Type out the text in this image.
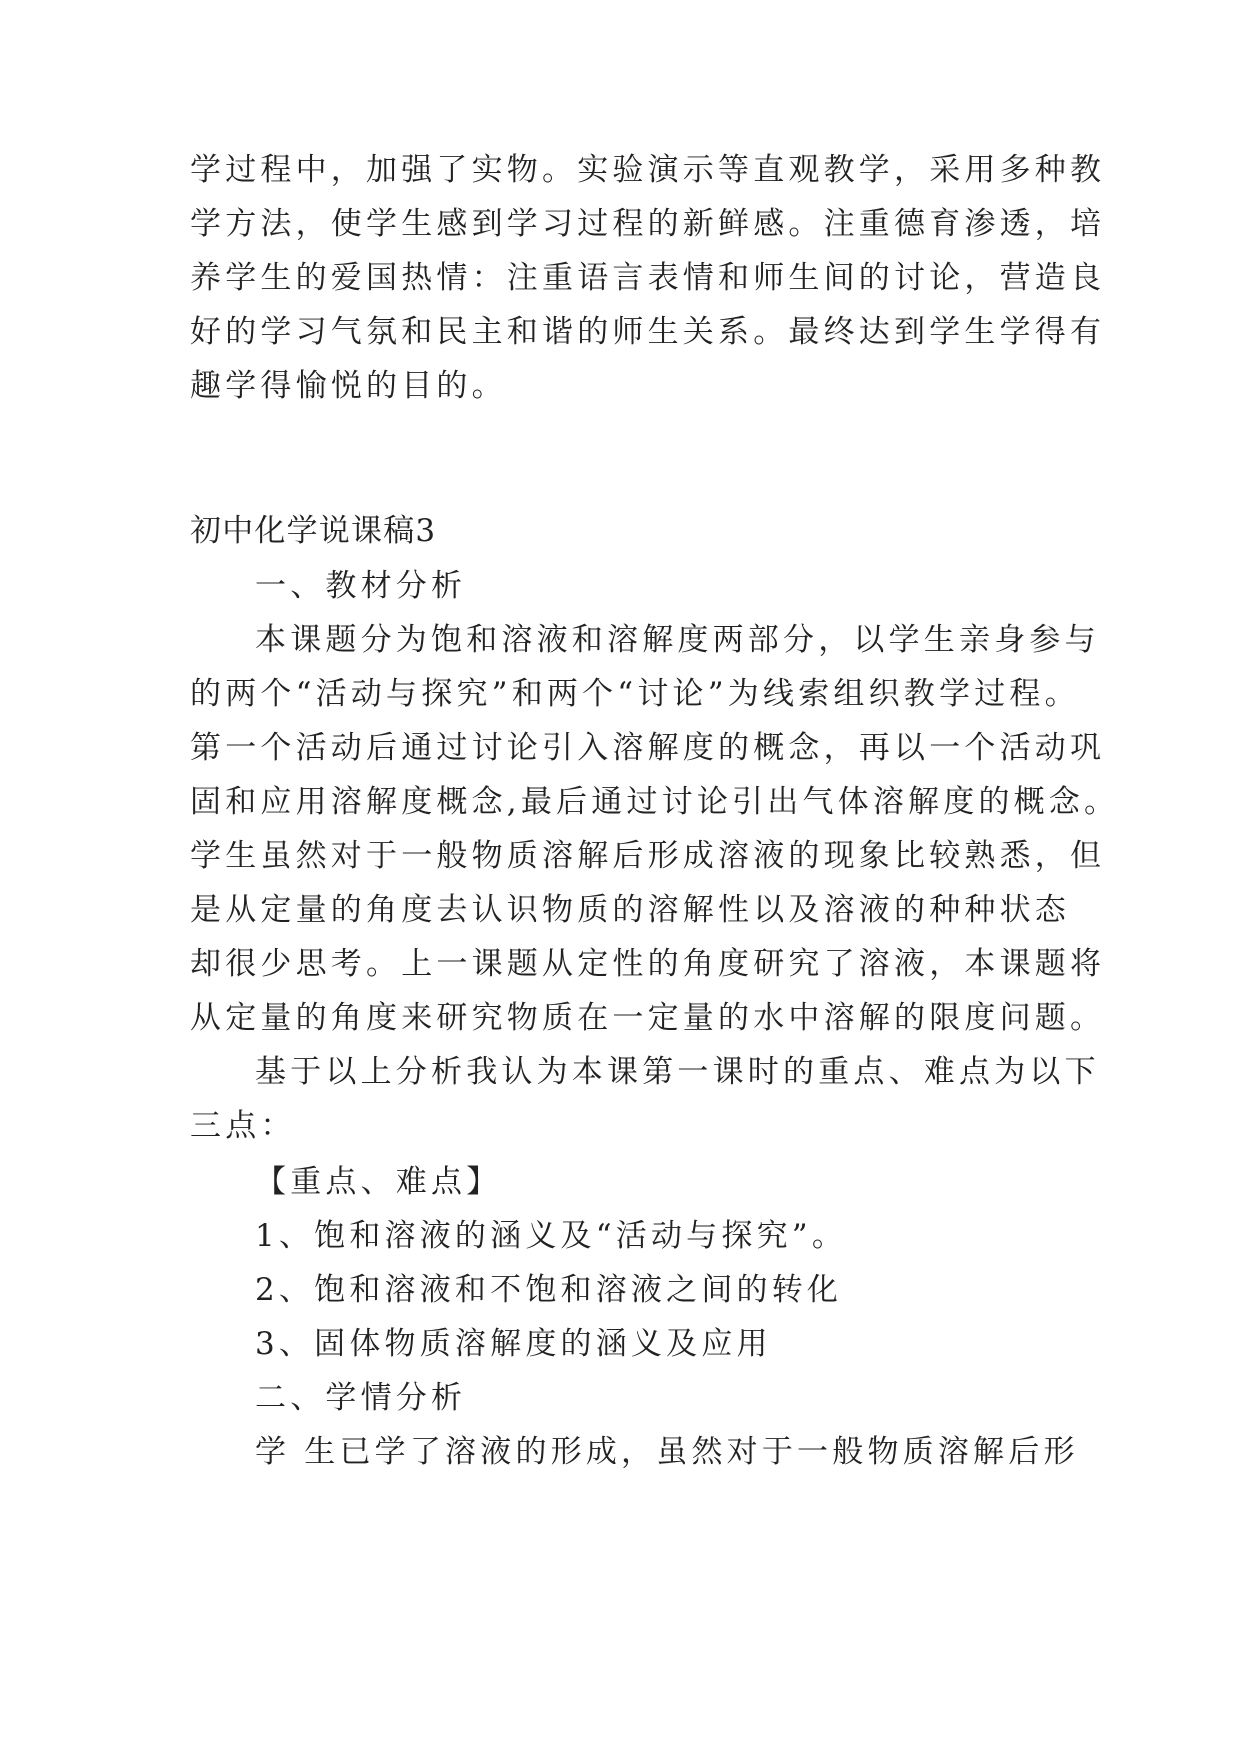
学过程中，加强了实物。实验演示等直观教学，采用多种教
学方法，使学生感到学习过程的新鲜感。注重德育渗透，培
养学生的爱国热情：注重语言表情和师生间的讨论，营造良
好的学习气氛和民主和谐的师生关系。最终达到学生学得有
趣学得愉悦的目的。
初中化学说课稿3
一、教材分析
本课题分为饱和溶液和溶解度两部分，以学生亲身参与
的两个“活动与探究”和两个“讨论”为线索组织教学过程。
第一个活动后通过讨论引入溶解度的概念，再以一个活动巩
固和应用溶解度概念,最后通过讨论引出气体溶解度的概念。
学生虽然对于一般物质溶解后形成溶液的现象比较熟悉，但
是从定量的角度去认识物质的溶解性以及溶液的种种状态
却很少思考。上一课题从定性的角度研究了溶液，本课题将
从定量的角度来研究物质在一定量的水中溶解的限度问题。
基于以上分析我认为本课第一课时的重点、难点为以下
三点：
【重点、难点】
1、饱和溶液的涵义及“活动与探究”。
2、饱和溶液和不饱和溶液之间的转化
3、固体物质溶解度的涵义及应用
二、学情分析
学 生已学了溶液的形成，虽然对于一般物质溶解后形
